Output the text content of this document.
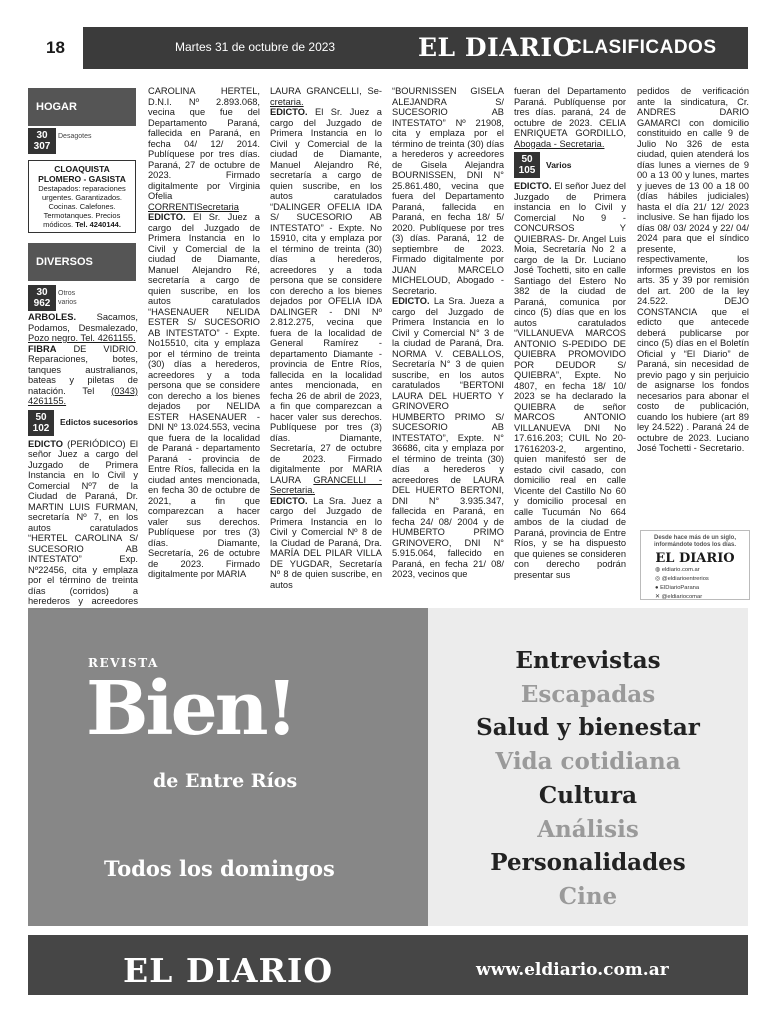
18	Martes 31 de octubre de 2023	EL DIARIO
CLASIFICADOS
HOGAR
30
307
Desagotes
CLOAQUISTA
PLOMERO - GASISTA
Destapados: reparaciones urgentes. Garantizados. Cocinas. Calefones. Termotanques. Precios módicos. Tel. 4240144.
DIVERSOS
30
962
Otros
varios

ARBOLES. Sacamos, Podamos, Desmalezado, Pozo negro. Tel. 4261155.

FIBRA DE VIDRIO. Reparaciones, botes, tanques australianos, bateas y piletas de natación. Tel (0343) 4261155.

50
102
Edictos sucesorios

EDICTO (PERIÓDICO) El señor Juez a cargo del Juzgado de Primera Instancia en lo Civil y Comercial Nº7 de la Ciudad de Paraná, Dr. MARTIN LUIS FURMAN, secretaría Nº 7, en los autos caratulados “HERTEL CAROLINA S/ SUCESORIO AB INTESTATO” Exp. Nº22456, cita y emplaza por el término de treinta días (corridos) a herederos y acreedores

CAROLINA HERTEL, D.N.I. Nº 2.893.068, vecina que fue del Departamento Paraná, fallecida en Paraná, en fecha 04/ 12/ 2014. Publíquese por tres días. Paraná, 27 de octubre de 2023. Firmado digitalmente por Virginia Ofelia CORRENTISecretaria

EDICTO. El Sr. Juez a cargo del Juzgado de Primera Instancia en lo Civil y Comercial de la ciudad de Diamante, Manuel Alejandro Ré, secretaría a cargo de quien suscribe, en los autos caratulados “HASENAUER NELIDA ESTER S/ SUCESORIO AB INTESTATO” - Expte. No15510, cita y emplaza por el término de treinta (30) días a herederos, acreedores y a toda persona que se considere con derecho a los bienes dejados por NELIDA ESTER HASENAUER - DNI Nº 13.024.553, vecina que fuera de la localidad de Paraná - departamento Paraná - provincia de Entre Ríos, fallecida en la ciudad antes mencionada, en fecha 30 de octubre de 2021, a fin que comparezcan a hacer valer sus derechos. Publíquese por tres (3) días. Diamante, Secretaría, 26 de octubre de 2023. Firmado digitalmente por MARIA

LAURA GRANCELLI, Se- cretaria.

EDICTO. El Sr. Juez a cargo del Juzgado de Primera Instancia en lo Civil y Comercial de la ciudad de Diamante, Manuel Alejandro Ré, secretaría a cargo de quien suscribe, en los autos caratulados “DALINGER OFELIA IDA S/ SUCESORIO AB INTESTATO” - Expte. No 15910, cita y emplaza por el término de treinta (30) días a herederos, acreedores y a toda persona que se considere con derecho a los bienes dejados por OFELIA IDA DALINGER - DNI Nº 2.812.275, vecina que fuera de la localidad de General Ramírez - departamento Diamante - provincia de Entre Ríos, fallecida en la localidad antes mencionada, en fecha 26 de abril de 2023, a fin que comparezcan a hacer valer sus derechos. Publíquese por tres (3) días. Diamante, Secretaría, 27 de octubre de 2023. Firmado digitalmente por MARIA LAURA GRANCELLI - Secretaria.

EDICTO. La Sra. Juez a cargo del Juzgado de Primera Instancia en lo Civil y Comercial Nº 8 de la Ciudad de Paraná, Dra. MARÍA DEL PILAR VILLA DE YUGDAR, Secretaría Nº 8 de quien suscribe, en autos

“BOURNISSEN GISELA ALEJANDRA S/ SUCESORIO AB INTESTATO” Nº 21908, cita y emplaza por el término de treinta (30) días a herederos y acreedores de Gisela Alejandra BOURNISSEN, DNI N° 25.861.480, vecina que fuera del Departamento Paraná, fallecida en Paraná, en fecha 18/ 5/ 2020. Publíquese por tres (3) días. Paraná, 12 de septiembre de 2023. Firmado digitalmente por JUAN MARCELO MICHELOUD, Abogado - Secretario.

EDICTO. La Sra. Jueza a cargo del Juzgado de Primera Instancia en lo Civil y Comercial N° 3 de la ciudad de Paraná, Dra. NORMA V. CEBALLOS, Secretaría N° 3 de quien suscribe, en los autos caratulados “BERTONI LAURA DEL HUERTO Y GRINOVERO HUMBERTO PRIMO S/ SUCESORIO AB INTESTATO”, Expte. N° 36686, cita y emplaza por el término de treinta (30) días a herederos y acreedores de LAURA DEL HUERTO BERTONI, DNI N° 3.935.347, fallecida en Paraná, en fecha 24/ 08/ 2004 y de HUMBERTO PRIMO GRINOVERO, DNI N° 5.915.064, fallecido en Paraná, en fecha 21/ 08/ 2023, vecinos que

fueran del Departamento Paraná. Publíquense por tres días. paraná, 24 de octubre de 2023. CELIA ENRIQUETA GORDILLO, Abogada - Secretaria.

50
105
Varios

EDICTO. El señor Juez del Juzgado de Primera instancia en lo Civil y Comercial No 9 - CONCURSOS Y QUIEBRAS- Dr. Angel Luis Moia, Secretaría No 2 a cargo de la Dr. Luciano José Tochetti, sito en calle Santiago del Estero No 382 de la ciudad de Paraná, comunica por cinco (5) días que en los autos caratulados “VILLANUEVA MARCOS ANTONIO S-PEDIDO DE QUIEBRA PROMOVIDO POR DEUDOR S/ QUIEBRA”, Expte. No 4807, en fecha 18/ 10/ 2023 se ha declarado la QUIEBRA de señor MARCOS ANTONIO VILLANUEVA DNI No 17.616.203; CUIL No 20- 17616203-2, argentino, quien manifestó ser de estado civil casado, con domicilio real en calle Vicente del Castillo No 60 y domicilio procesal en calle Tucumán No 664 ambos de la ciudad de Paraná, provincia de Entre Ríos, y se ha dispuesto que quienes se consideren con derecho podrán presentar sus

pedidos de verificación ante la sindicatura, Cr. ANDRES DARIO GAMARCI con domicilio constituido en calle 9 de Julio No 326 de esta ciudad, quien atenderá los días lunes a viernes de 9 00 a 13 00 y lunes, martes y jueves de 13 00 a 18 00 (días hábiles judiciales) hasta el día 21/ 12/ 2023 inclusive. Se han fijado los días 08/ 03/ 2024 y 22/ 04/ 2024 para que el síndico presente, respectivamente, los informes previstos en los arts. 35 y 39 por remisión del art. 200 de la ley 24.522. DEJO CONSTANCIA que el edicto que antecede deberá publicarse por cinco (5) días en el Boletín Oficial y “El Diario” de Paraná, sin necesidad de previo pago y sin perjuicio de asignarse los fondos necesarios para abonar el costo de publicación, cuando los hubiere (art 89 ley 24.522) . Paraná 24 de octubre de 2023. Luciano José Tochetti - Secretario.

Desde hace más de un siglo, informándote todos los días.
EL DIARIO
◍ eldiario.com.ar
◎ @eldiarioentrerios
● ElDiarioParana
✕ @eldiariocomar
REVISTA
Bien!
de Entre Ríos
Todos los domingos
Entrevistas
Escapadas
Salud y bienestar
Vida cotidiana
Cultura
Análisis
Personalidades
Cine
EL DIARIO	www.eldiario.com.ar
